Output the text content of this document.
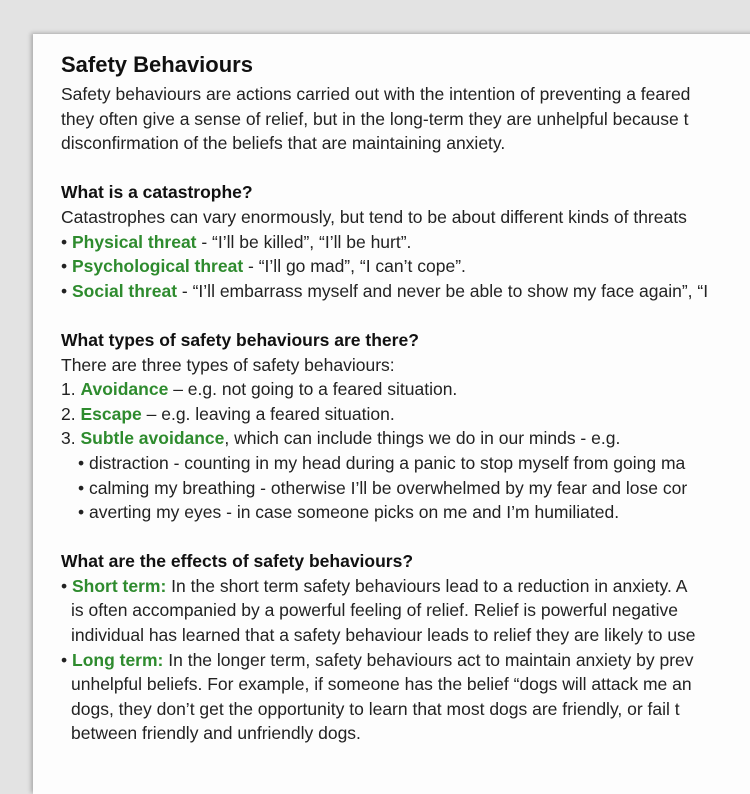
Safety Behaviours
Safety behaviours are actions carried out with the intention of preventing a feared
they often give a sense of relief, but in the long-term they are unhelpful because t
disconfirmation of the beliefs that are maintaining anxiety.
What is a catastrophe?
Catastrophes can vary enormously, but tend to be about different kinds of threats
• Physical threat - “I’ll be killed”, “I’ll be hurt”.
• Psychological threat - “I’ll go mad”, “I can’t cope”.
• Social threat - “I’ll embarrass myself and never be able to show my face again”, “I
What types of safety behaviours are there?
There are three types of safety behaviours:
1. Avoidance – e.g. not going to a feared situation.
2. Escape – e.g. leaving a feared situation.
3. Subtle avoidance, which can include things we do in our minds - e.g.
• distraction - counting in my head during a panic to stop myself from going ma
• calming my breathing - otherwise I’ll be overwhelmed by my fear and lose cor
• averting my eyes - in case someone picks on me and I’m humiliated.
What are the effects of safety behaviours?
• Short term: In the short term safety behaviours lead to a reduction in anxiety. A
is often accompanied by a powerful feeling of relief. Relief is powerful negative
individual has learned that a safety behaviour leads to relief they are likely to use
• Long term: In the longer term, safety behaviours act to maintain anxiety by prev
unhelpful beliefs. For example, if someone has the belief “dogs will attack me an
dogs, they don’t get the opportunity to learn that most dogs are friendly, or fail t
between friendly and unfriendly dogs.
